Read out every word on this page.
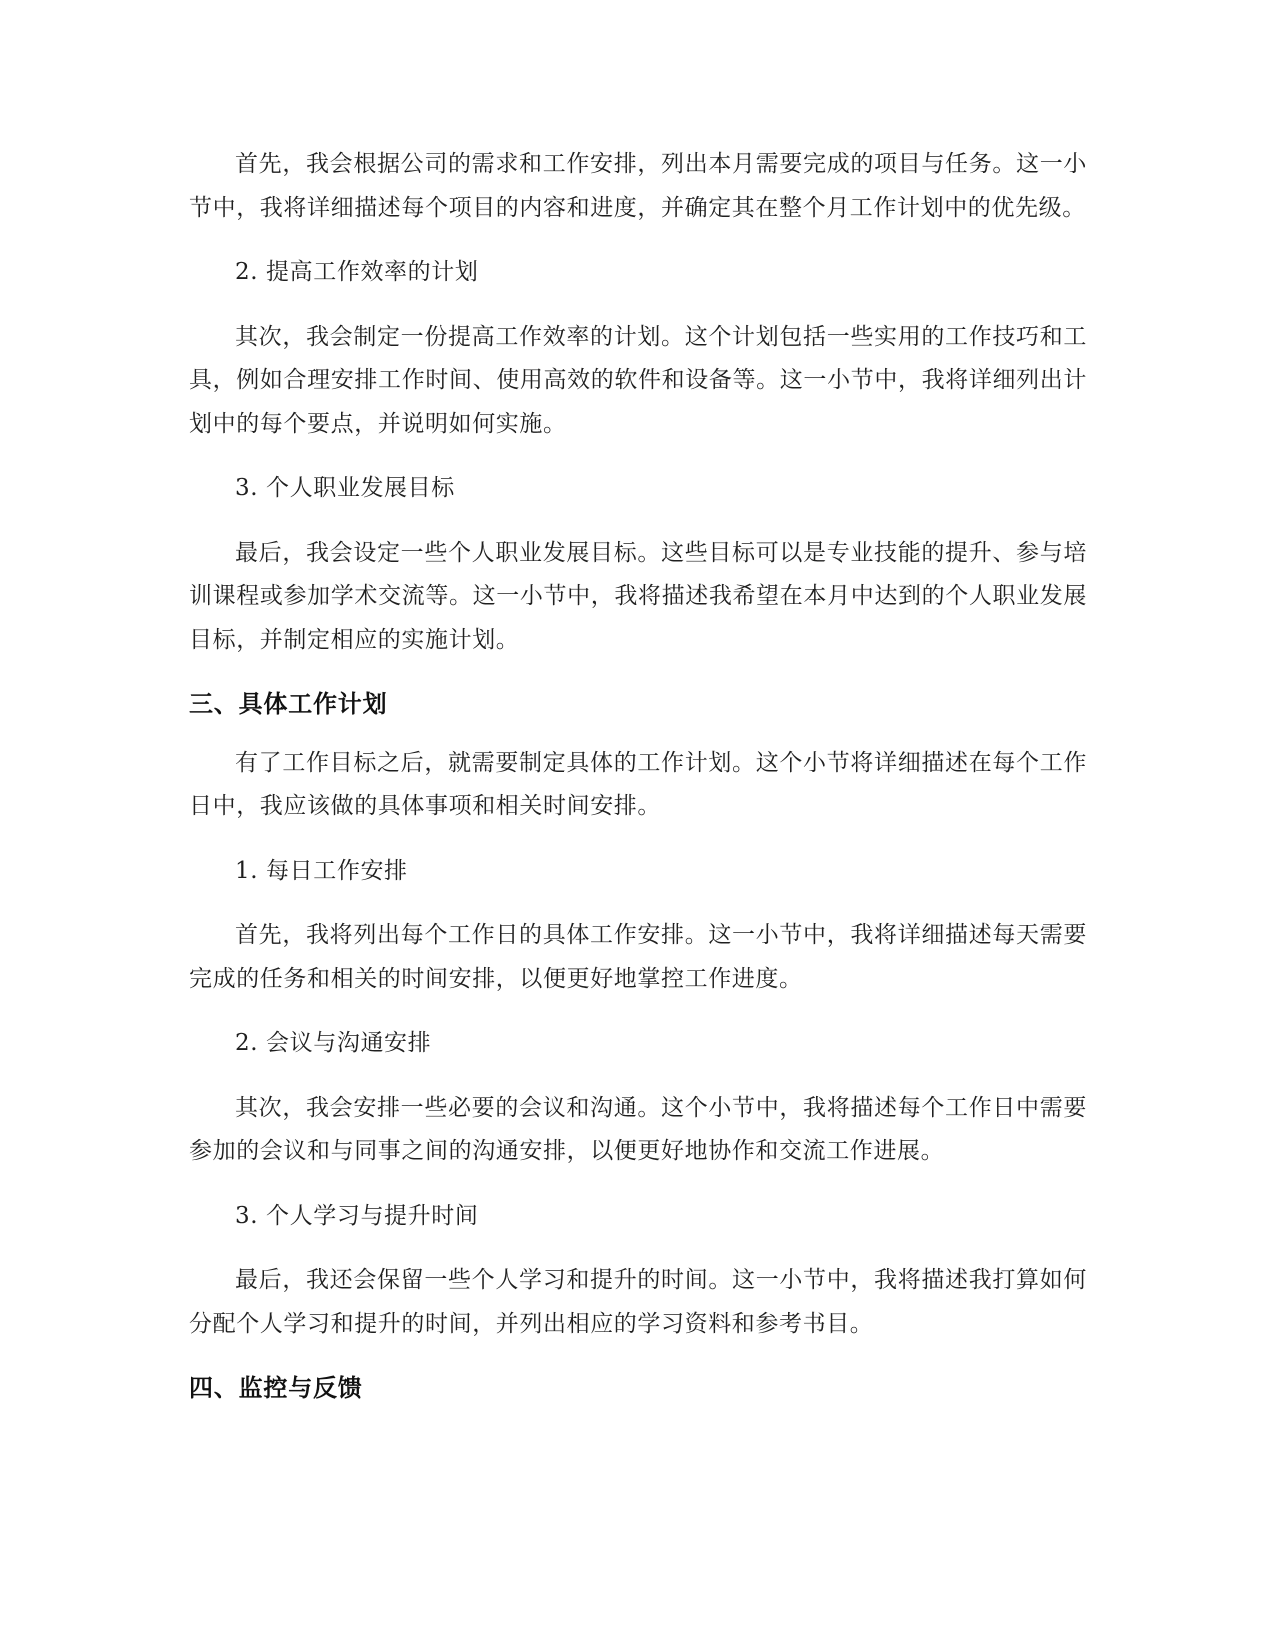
首先，我会根据公司的需求和工作安排，列出本月需要完成的项目与任务。这一小节中，我将详细描述每个项目的内容和进度，并确定其在整个月工作计划中的优先级。

2. 提高工作效率的计划

其次，我会制定一份提高工作效率的计划。这个计划包括一些实用的工作技巧和工具，例如合理安排工作时间、使用高效的软件和设备等。这一小节中，我将详细列出计划中的每个要点，并说明如何实施。

3. 个人职业发展目标

最后，我会设定一些个人职业发展目标。这些目标可以是专业技能的提升、参与培训课程或参加学术交流等。这一小节中，我将描述我希望在本月中达到的个人职业发展目标，并制定相应的实施计划。

三、具体工作计划

有了工作目标之后，就需要制定具体的工作计划。这个小节将详细描述在每个工作日中，我应该做的具体事项和相关时间安排。

1. 每日工作安排

首先，我将列出每个工作日的具体工作安排。这一小节中，我将详细描述每天需要完成的任务和相关的时间安排，以便更好地掌控工作进度。

2. 会议与沟通安排

其次，我会安排一些必要的会议和沟通。这个小节中，我将描述每个工作日中需要参加的会议和与同事之间的沟通安排，以便更好地协作和交流工作进展。

3. 个人学习与提升时间

最后，我还会保留一些个人学习和提升的时间。这一小节中，我将描述我打算如何分配个人学习和提升的时间，并列出相应的学习资料和参考书目。

四、监控与反馈
